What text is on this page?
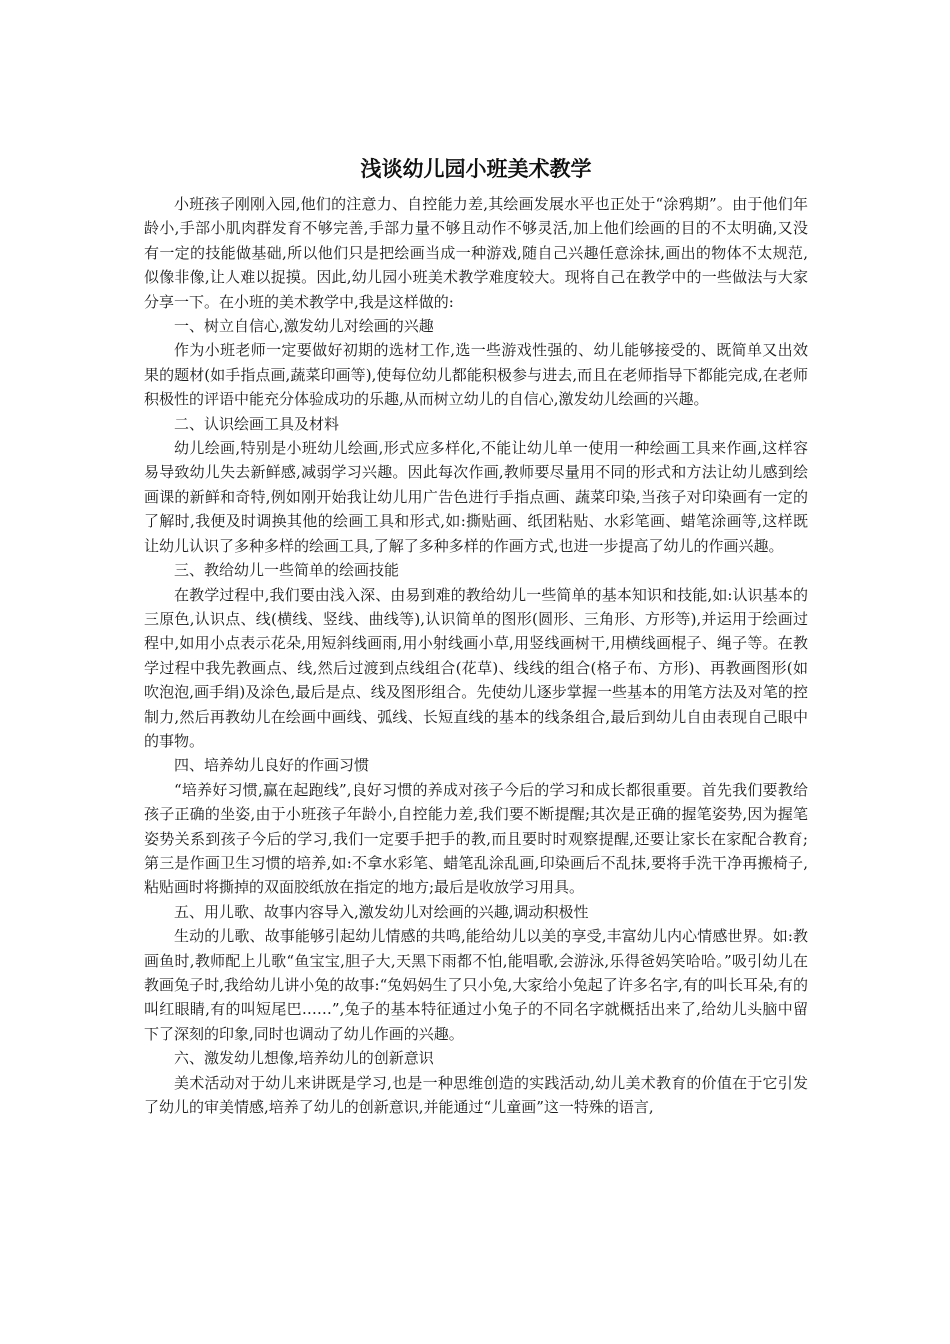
浅谈幼儿园小班美术教学

小班孩子刚刚入园,他们的注意力、自控能力差,其绘画发展水平也正处于“涂鸦期”。由于他们年龄小,手部小肌肉群发育不够完善,手部力量不够且动作不够灵活,加上他们绘画的目的不太明确,又没有一定的技能做基础,所以他们只是把绘画当成一种游戏,随自己兴趣任意涂抹,画出的物体不太规范,似像非像,让人难以捉摸。因此,幼儿园小班美术教学难度较大。现将自己在教学中的一些做法与大家分享一下。在小班的美术教学中,我是这样做的:

一、树立自信心,激发幼儿对绘画的兴趣

作为小班老师一定要做好初期的选材工作,选一些游戏性强的、幼儿能够接受的、既简单又出效果的题材(如手指点画,蔬菜印画等),使每位幼儿都能积极参与进去,而且在老师指导下都能完成,在老师积极性的评语中能充分体验成功的乐趣,从而树立幼儿的自信心,激发幼儿绘画的兴趣。

二、认识绘画工具及材料

幼儿绘画,特别是小班幼儿绘画,形式应多样化,不能让幼儿单一使用一种绘画工具来作画,这样容易导致幼儿失去新鲜感,减弱学习兴趣。因此每次作画,教师要尽量用不同的形式和方法让幼儿感到绘画课的新鲜和奇特,例如刚开始我让幼儿用广告色进行手指点画、蔬菜印染,当孩子对印染画有一定的了解时,我便及时调换其他的绘画工具和形式,如:撕贴画、纸团粘贴、水彩笔画、蜡笔涂画等,这样既让幼儿认识了多种多样的绘画工具,了解了多种多样的作画方式,也进一步提高了幼儿的作画兴趣。

三、教给幼儿一些简单的绘画技能

在教学过程中,我们要由浅入深、由易到难的教给幼儿一些简单的基本知识和技能,如:认识基本的三原色,认识点、线(横线、竖线、曲线等),认识简单的图形(圆形、三角形、方形等),并运用于绘画过程中,如用小点表示花朵,用短斜线画雨,用小射线画小草,用竖线画树干,用横线画棍子、绳子等。在教学过程中我先教画点、线,然后过渡到点线组合(花草)、线线的组合(格子布、方形)、再教画图形(如吹泡泡,画手绢)及涂色,最后是点、线及图形组合。先使幼儿逐步掌握一些基本的用笔方法及对笔的控制力,然后再教幼儿在绘画中画线、弧线、长短直线的基本的线条组合,最后到幼儿自由表现自己眼中的事物。

四、培养幼儿良好的作画习惯

“培养好习惯,赢在起跑线”,良好习惯的养成对孩子今后的学习和成长都很重要。首先我们要教给孩子正确的坐姿,由于小班孩子年龄小,自控能力差,我们要不断提醒;其次是正确的握笔姿势,因为握笔姿势关系到孩子今后的学习,我们一定要手把手的教,而且要时时观察提醒,还要让家长在家配合教育;第三是作画卫生习惯的培养,如:不拿水彩笔、蜡笔乱涂乱画,印染画后不乱抹,要将手洗干净再搬椅子,粘贴画时将撕掉的双面胶纸放在指定的地方;最后是收放学习用具。

五、用儿歌、故事内容导入,激发幼儿对绘画的兴趣,调动积极性

生动的儿歌、故事能够引起幼儿情感的共鸣,能给幼儿以美的享受,丰富幼儿内心情感世界。如:教画鱼时,教师配上儿歌“鱼宝宝,胆子大,天黑下雨都不怕,能唱歌,会游泳,乐得爸妈笑哈哈。”吸引幼儿在教画兔子时,我给幼儿讲小兔的故事:“兔妈妈生了只小兔,大家给小兔起了许多名字,有的叫长耳朵,有的叫红眼睛,有的叫短尾巴……”,兔子的基本特征通过小兔子的不同名字就概括出来了,给幼儿头脑中留下了深刻的印象,同时也调动了幼儿作画的兴趣。

六、激发幼儿想像,培养幼儿的创新意识

美术活动对于幼儿来讲既是学习,也是一种思维创造的实践活动,幼儿美术教育的价值在于它引发了幼儿的审美情感,培养了幼儿的创新意识,并能通过“儿童画”这一特殊的语言,
